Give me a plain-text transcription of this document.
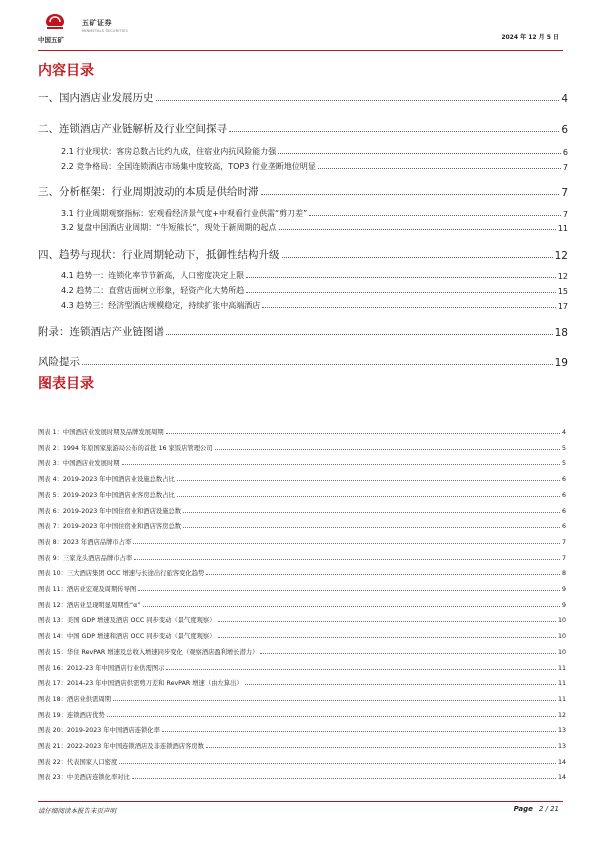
中国五矿
五矿证券
MINMETALS SECURITIES
2024 年 12 月 5 日
内容目录
一、国内酒店业发展历史	4
二、连锁酒店产业链解析及行业空间探寻	6
2.1 行业现状：客房总数占比约九成，住宿业内抗风险能力强	6
2.2 竞争格局：全国连锁酒店市场集中度较高，TOP3 行业垄断地位明显	7
三、分析框架：行业周期波动的本质是供给时滞	7
3.1 行业周期观察指标：宏观看经济景气度+中观看行业供需“剪刀差”	7
3.2 复盘中国酒店业周期：“牛短熊长”，现处于新周期的起点	11
四、趋势与现状：行业周期轮动下，抵御性结构升级	12
4.1 趋势一：连锁化率节节新高，人口密度决定上限	12
4.2 趋势二：直营店面树立形象，轻资产化大势所趋	15
4.3 趋势三：经济型酒店规模稳定，持续扩张中高端酒店	17
附录：连锁酒店产业链图谱	18
风险提示	19
图表目录
图表 1：中国酒店业发展时期及品牌发展周期	4
图表 2：1994 年原国家旅游局公布的首批 16 家饭店管理公司	5
图表 3：中国酒店业发展时期	5
图表 4：2019-2023 年中国酒店业设施总数占比	6
图表 5：2019-2023 年中国酒店业客房总数占比	6
图表 6：2019-2023 年中国住宿业和酒店设施总数	6
图表 7：2019-2023 年中国住宿业和酒店客房总数	6
图表 8：2023 年酒店品牌市占率	7
图表 9：三家龙头酒店品牌市占率	7
图表 10：三大酒店集团 OCC 增速与长途出行旅客变化趋势	8
图表 11：酒店业宏观及周期传导图	9
图表 12：酒店业呈现明显周期性“α”	9
图表 13：美国 GDP 增速及酒店 OCC 同步变动（景气度观察）	10
图表 14：中国 GDP 增速和酒店 OCC 同步变动（景气度观察）	10
图表 15：华住 RevPAR 增速及总收入增速同步变化（观察酒店盈利增长潜力）	10
图表 16：2012-23 年中国酒店行业供需图示	11
图表 17：2014-23 年中国酒店供需剪刀差和 RevPAR 增速（由左算出）	11
图表 18：酒店业供需周期	11
图表 19：连锁酒店优势	12
图表 20：2019-2023 年中国酒店连锁化率	13
图表 21：2022-2023 年中国连锁酒店及非连锁酒店客房数	13
图表 22：代表国家人口密度	14
图表 23：中美酒店连锁化率对比	14
请仔细阅读本报告末页声明	Page 2 / 21
